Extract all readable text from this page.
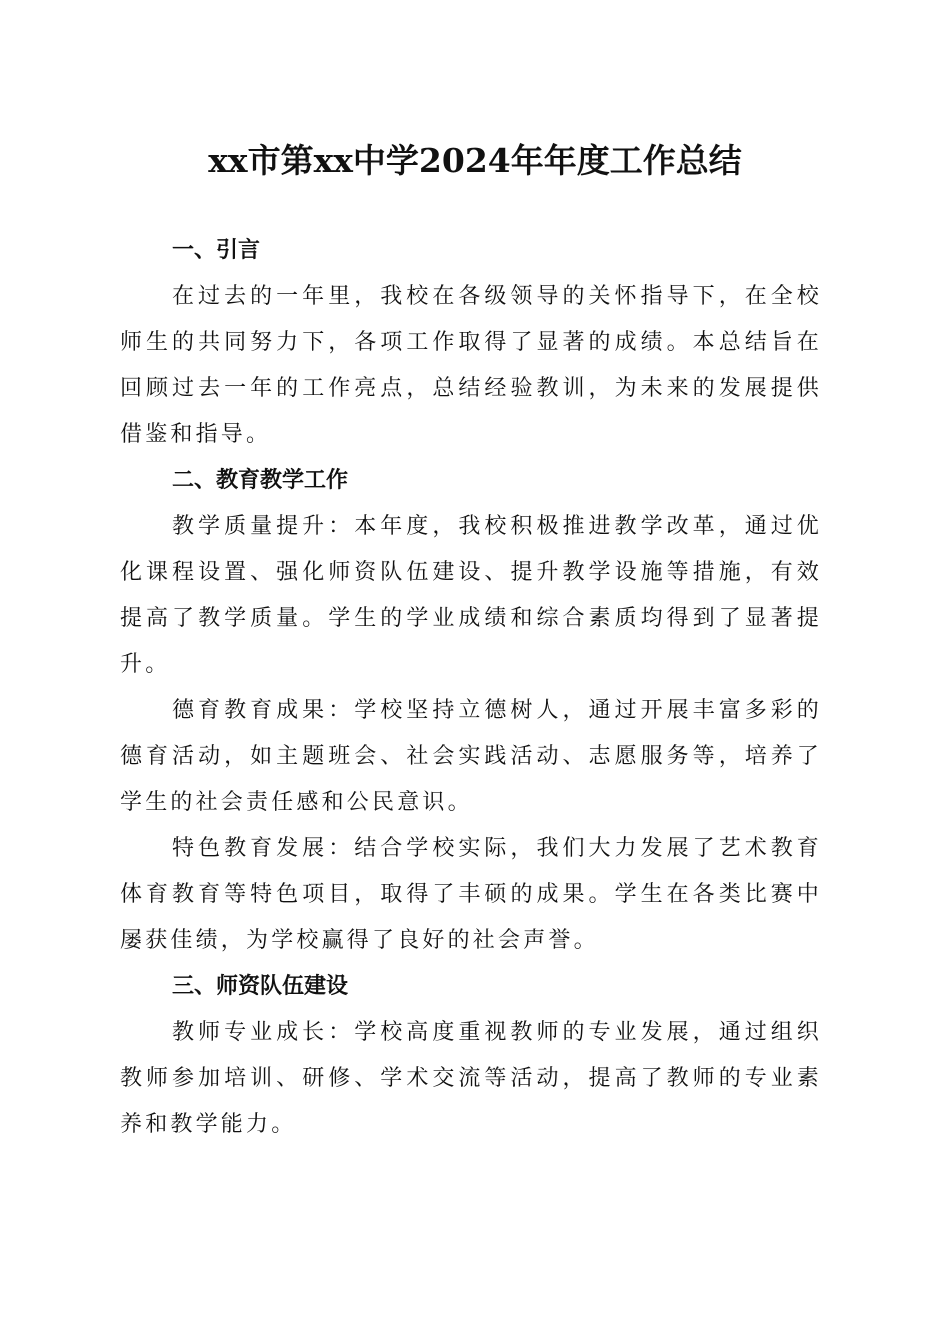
xx市第xx中学2024年年度工作总结
一、引言

在过去的一年里，我校在各级领导的关怀指导下，在全校师生的共同努力下，各项工作取得了显著的成绩。本总结旨在回顾过去一年的工作亮点，总结经验教训，为未来的发展提供借鉴和指导。

二、教育教学工作

教学质量提升：本年度，我校积极推进教学改革，通过优化课程设置、强化师资队伍建设、提升教学设施等措施，有效提高了教学质量。学生的学业成绩和综合素质均得到了显著提升。

德育教育成果：学校坚持立德树人，通过开展丰富多彩的德育活动，如主题班会、社会实践活动、志愿服务等，培养了学生的社会责任感和公民意识。

特色教育发展：结合学校实际，我们大力发展了艺术教育体育教育等特色项目，取得了丰硕的成果。学生在各类比赛中屡获佳绩，为学校赢得了良好的社会声誉。

三、师资队伍建设

教师专业成长：学校高度重视教师的专业发展，通过组织教师参加培训、研修、学术交流等活动，提高了教师的专业素养和教学能力。
